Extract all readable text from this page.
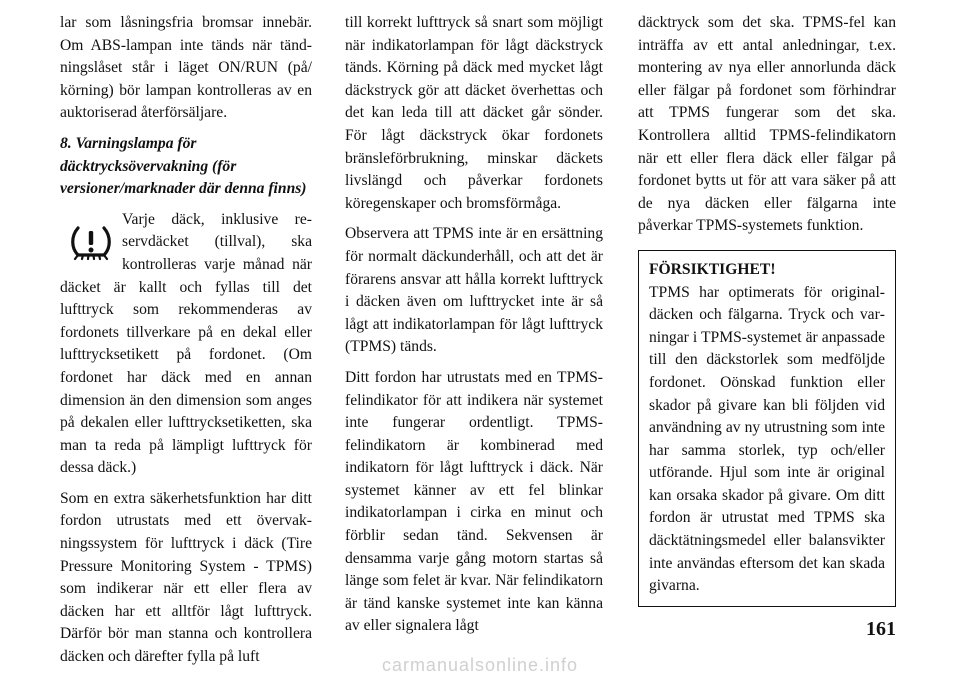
lar som låsningsfria bromsar innebär. Om ABS-lampan inte tänds när tändningslåset står i läget ON/RUN (på/ körning) bör lampan kontrolleras av en auktoriserad återförsäljare.

8. Varningslampa för däcktrycksövervakning (för versioner/marknader där denna finns)

Varje däck, inklusive reservdäcket (tillval), ska kontrolleras varje månad när däcket är kallt och fyllas till det lufttryck som rekommenderas av fordonets tillverkare på en dekal eller lufttrycksetikett på fordonet. (Om fordonet har däck med en annan dimension än den dimension som anges på dekalen eller lufttrycksetiketten, ska man ta reda på lämpligt lufttryck för dessa däck.)

Som en extra säkerhetsfunktion har ditt fordon utrustats med ett övervakningssystem för lufttryck i däck (Tire Pressure Monitoring System - TPMS) som indikerar när ett eller flera av däcken har ett alltför lågt lufttryck. Därför bör man stanna och kontrollera däcken och därefter fylla på luft

till korrekt lufttryck så snart som möjligt när indikatorlampan för lågt däckstryck tänds. Körning på däck med mycket lågt däckstryck gör att däcket överhettas och det kan leda till att däcket går sönder. För lågt däckstryck ökar fordonets bränsleförbrukning, minskar däckets livslängd och påverkar fordonets köregenskaper och bromsförmåga.

Observera att TPMS inte är en ersättning för normalt däckunderhåll, och att det är förarens ansvar att hålla korrekt lufttryck i däcken även om lufttrycket inte är så lågt att indikatorlampan för lågt lufttryck (TPMS) tänds.

Ditt fordon har utrustats med en TPMS-felindikator för att indikera när systemet inte fungerar ordentligt. TPMS-felindikatorn är kombinerad med indikatorn för lågt lufttryck i däck. När systemet känner av ett fel blinkar indikatorlampan i cirka en minut och förblir sedan tänd. Sekvensen är densamma varje gång motorn startas så länge som felet är kvar. När felindikatorn är tänd kanske systemet inte kan känna av eller signalera lågt

däcktryck som det ska. TPMS-fel kan inträffa av ett antal anledningar, t.ex. montering av nya eller annorlunda däck eller fälgar på fordonet som förhindrar att TPMS fungerar som det ska. Kontrollera alltid TPMS-felindikatorn när ett eller flera däck eller fälgar på fordonet bytts ut för att vara säker på att de nya däcken eller fälgarna inte påverkar TPMS-systemets funktion.

FÖRSIKTIGHET!
TPMS har optimerats för originaldäcken och fälgarna. Tryck och varningar i TPMS-systemet är anpassade till den däckstorlek som medföljde fordonet. Oönskad funktion eller skador på givare kan bli följden vid användning av ny utrustning som inte har samma storlek, typ och/eller utförande. Hjul som inte är original kan orsaka skador på givare. Om ditt fordon är utrustat med TPMS ska däcktätningsmedel eller balansvikter inte användas eftersom det kan skada givarna.
161
carmanualsonline.info
